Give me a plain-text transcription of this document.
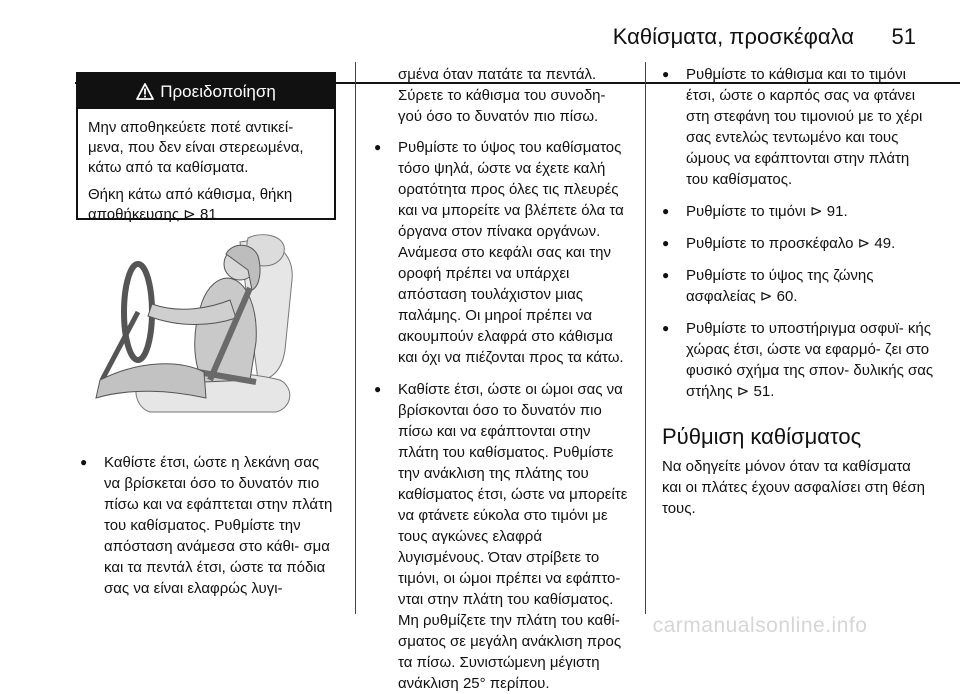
Καθίσματα, προσκέφαλα 51
Προειδοποίηση

Μην αποθηκεύετε ποτέ αντικεί- μενα, που δεν είναι στερεωμένα, κάτω από τα καθίσματα.

Θήκη κάτω από κάθισμα, θήκη αποθήκευσης ⊳ 81

● Καθίστε έτσι, ώστε η λεκάνη σας να βρίσκεται όσο το δυνατόν πιο πίσω και να εφάπτεται στην πλάτη του καθίσματος. Ρυθμίστε την απόσταση ανάμεσα στο κάθι- σμα και τα πεντάλ έτσι, ώστε τα πόδια σας να είναι ελαφρώς λυγι-
σμένα όταν πατάτε τα πεντάλ. Σύρετε το κάθισμα του συνοδη- γού όσο το δυνατόν πιο πίσω.
● Ρυθμίστε το ύψος του καθίσματος τόσο ψηλά, ώστε να έχετε καλή ορατότητα προς όλες τις πλευρές και να μπορείτε να βλέπετε όλα τα όργανα στον πίνακα οργάνων. Ανάμεσα στο κεφάλι σας και την οροφή πρέπει να υπάρχει απόσταση τουλάχιστον μιας παλάμης. Οι μηροί πρέπει να ακουμπούν ελαφρά στο κάθισμα και όχι να πιέζονται προς τα κάτω.
● Καθίστε έτσι, ώστε οι ώμοι σας να βρίσκονται όσο το δυνατόν πιο πίσω και να εφάπτονται στην πλάτη του καθίσματος. Ρυθμίστε την ανάκλιση της πλάτης του καθίσματος έτσι, ώστε να μπορείτε να φτάνετε εύκολα στο τιμόνι με τους αγκώνες ελαφρά λυγισμένους. Όταν στρίβετε το τιμόνι, οι ώμοι πρέπει να εφάπτο- νται στην πλάτη του καθίσματος. Μη ρυθμίζετε την πλάτη του καθί- σματος σε μεγάλη ανάκλιση προς τα πίσω. Συνιστώμενη μέγιστη ανάκλιση 25° περίπου.
● Ρυθμίστε το κάθισμα και το τιμόνι έτσι, ώστε ο καρπός σας να φτάνει στη στεφάνη του τιμονιού με το χέρι σας εντελώς τεντωμένο και τους ώμους να εφάπτονται στην πλάτη του καθίσματος.
● Ρυθμίστε το τιμόνι ⊳ 91.
● Ρυθμίστε το προσκέφαλο ⊳ 49.
● Ρυθμίστε το ύψος της ζώνης ασφαλείας ⊳ 60.
● Ρυθμίστε το υποστήριγμα οσφυϊ- κής χώρας έτσι, ώστε να εφαρμό- ζει στο φυσικό σχήμα της σπον- δυλικής σας στήλης ⊳ 51.
Ρύθμιση καθίσματος

Να οδηγείτε μόνον όταν τα καθίσματα και οι πλάτες έχουν ασφαλίσει στη θέση τους.

carmanualsonline.info
